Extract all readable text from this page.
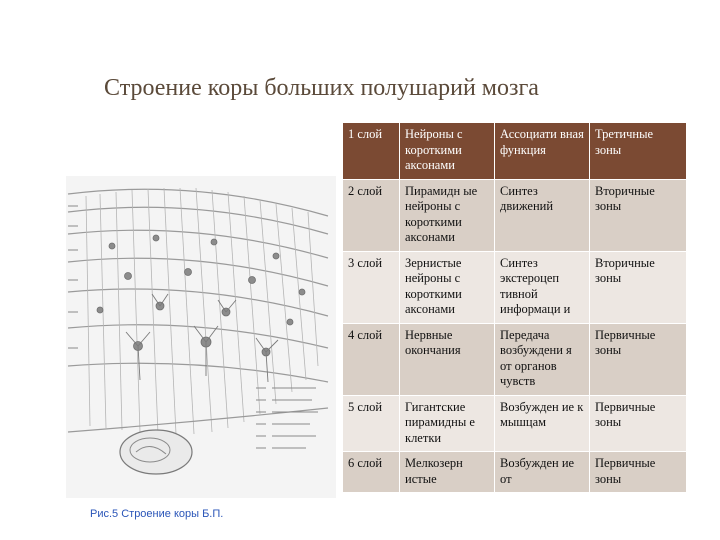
Строение коры больших полушарий мозга
Рис.5 Строение коры Б.П.
1 слой	Нейроны с короткими аксонами	Ассоциати вная функция	Третичные зоны
2 слой	Пирамидн ые нейроны с короткими аксонами	Синтез движений	Вторичные зоны
3 слой	Зернистые нейроны с короткими аксонами	Синтез экстероцеп тивной информаци и	Вторичные зоны
4 слой	Нервные окончания	Передача возбуждени я от органов чувств	Первичные зоны
5 слой	Гигантские пирамидны е клетки	Возбужден ие к мышцам	Первичные зоны
6 слой	Мелкозерн истые	Возбужден ие от	Первичные зоны
